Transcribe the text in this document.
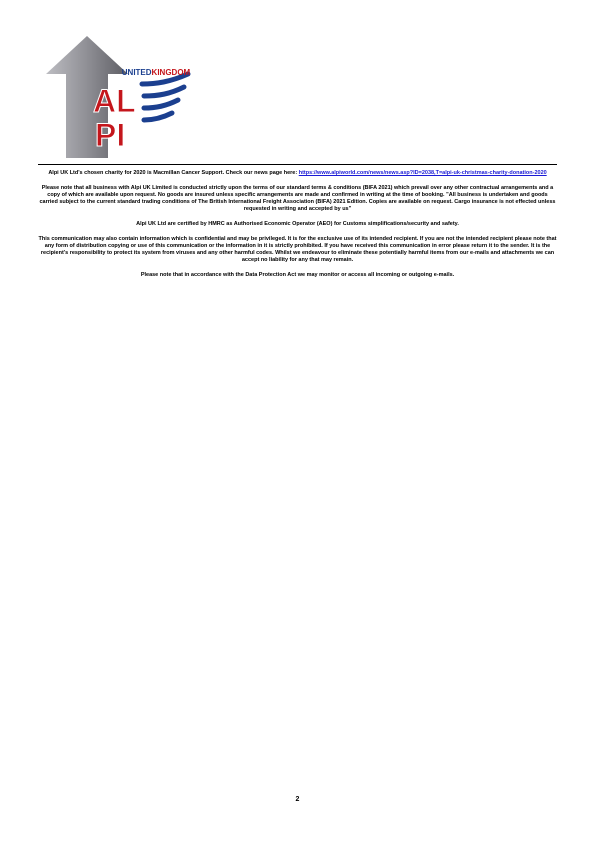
UNITEDKINGDOM
AL
PI

Alpi UK Ltd's chosen charity for 2020 is Macmillan Cancer Support. Check our news page here: https://www.alpiworld.com/news/news.asp?ID=2038,T=alpi-uk-christmas-charity-donation-2020

Please note that all business with Alpi UK Limited is conducted strictly upon the terms of our standard terms & conditions (BIFA 2021) which prevail over any other contractual arrangements and a copy of which are available upon request. No goods are insured unless specific arrangements are made and confirmed in writing at the time of booking. "All business is undertaken and goods carried subject to the current standard trading conditions of The British International Freight Association (BIFA) 2021 Edition. Copies are available on request. Cargo insurance is not effected unless requested in writing and accepted by us"

Alpi UK Ltd are certified by HMRC as Authorised Economic Operator (AEO) for Customs simplifications/security and safety.

This communication may also contain information which is confidential and may be privileged. It is for the exclusive use of its intended recipient. If you are not the intended recipient please note that any form of distribution copying or use of this communication or the information in it is strictly prohibited. If you have received this communication in error please return it to the sender. It is the recipient's responsibility to protect its system from viruses and any other harmful codes. Whilst we endeavour to eliminate these potentially harmful items from our e-mails and attachments we can accept no liability for any that may remain.

Please note that in accordance with the Data Protection Act we may monitor or access all incoming or outgoing e-mails.

2
